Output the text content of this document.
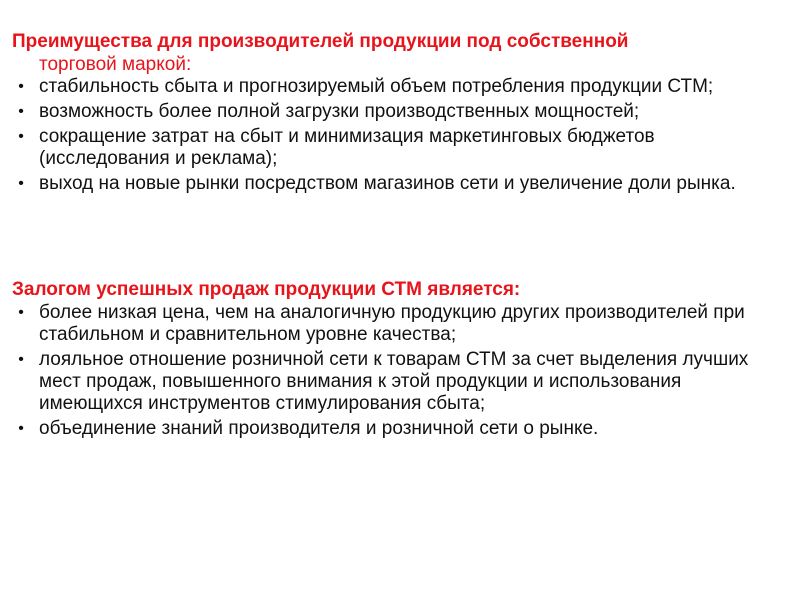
Преимущества для производителей продукции под собственной
торговой маркой:
• стабильность сбыта и прогнозируемый объем потребления продукции СТМ;
• возможность более полной загрузки производственных мощностей;
• сокращение затрат на сбыт и минимизация маркетинговых бюджетов (исследования и реклама);
• выход на новые рынки посредством магазинов сети и увеличение доли рынка.
Залогом успешных продаж продукции СТМ является:
• более низкая цена, чем на аналогичную продукцию других производителей при стабильном и сравнительном уровне качества;
• лояльное отношение розничной сети к товарам СТМ за счет выделения лучших мест продаж, повышенного внимания к этой продукции и использования имеющихся инструментов стимулирования сбыта;
• объединение знаний производителя и розничной сети о рынке.
